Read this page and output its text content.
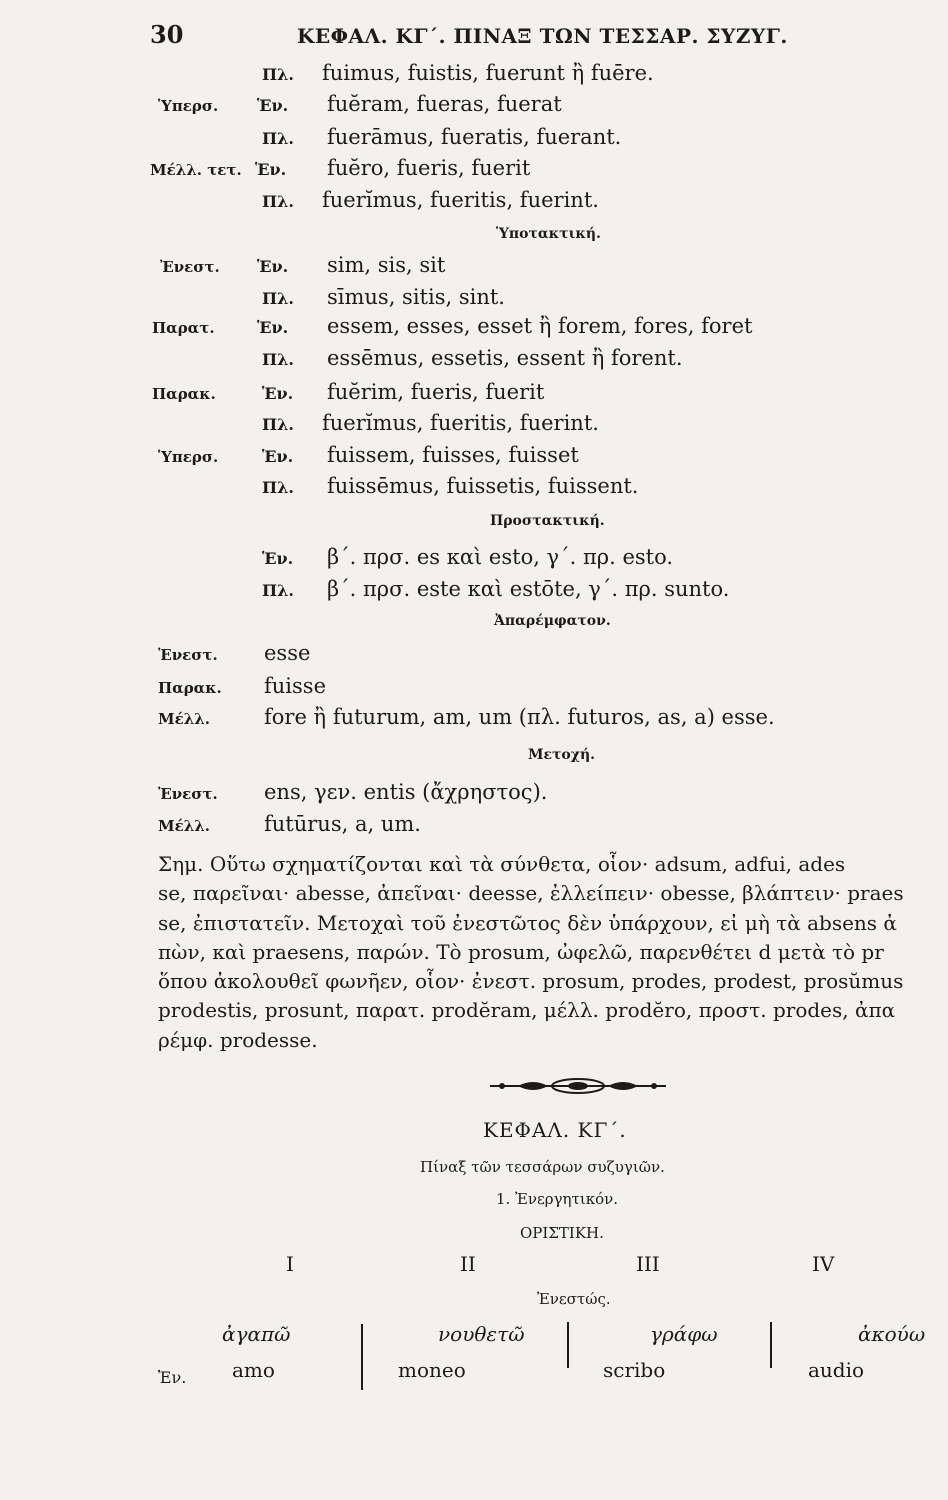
30	ΚΕΦΑΛ. ΚΓ΄. ΠΙΝΑΞ ΤΩΝ ΤΕΣΣΑΡ. ΣΥΖΥΓ.
Πλ. fuimus, fuistis, fuerunt ἢ fuēre.
Ὑπερσ. Ἑν. fuĕram, fueras, fuerat
Πλ. fuerāmus, fueratis, fuerant.
Μέλλ. τετ. Ἑν. fuĕro, fueris, fuerit
Πλ. fuerĭmus, fueritis, fuerint.
Ὑποτακτική.
Ἐνεστ. Ἑν. sim, sis, sit
Πλ. sīmus, sitis, sint.
Παρατ.	Ἑν. essem, esses, esset ἢ forem, fores, foret
Πλ. essēmus, essetis, essent ἢ forent.
Παρακ.	Ἑν. fuĕrim, fueris, fuerit
Πλ. fuerĭmus, fueritis, fuerint.
Ὑπερσ.	Ἑν. fuissem, fuisses, fuisset
Πλ. fuissēmus, fuissetis, fuissent.
Προστακτική.
Ἑν. β΄. πρσ. es καὶ esto, γ΄. πρ. esto.
Πλ. β΄. πρσ. este καὶ estōte, γ΄. πρ. sunto.
Ἀπαρέμφατον.
Ἐνεστ. esse
Παρακ. fuisse
Μέλλ.	fore ἢ futurum, am, um (πλ. futuros, as, a) esse.
Μετοχή.
Ἐνεστ. ens, γεν. entis (ἄχρηστος).
Μέλλ.	futūrus, a, um.
Σημ. Οὕτω σχηματίζονται καὶ τὰ σύνθετα, οἷον· adsum, adfui, ades
se, παρεῖναι· abesse, ἀπεῖναι· deesse, ἐλλείπειν· obesse, βλάπτειν· praes
se, ἐπιστατεῖν. Μετοχαὶ τοῦ ἐνεστῶτος δὲν ὑπάρχουν, εἰ μὴ τὰ absens ἀ
πὼν, καὶ praesens, παρών. Τὸ prosum, ὠφελῶ, παρενθέτει d μετὰ τὸ pr
ὅπου ἀκολουθεῖ φωνῆεν, οἷον· ἐνεστ. prosum, prodes, prodest, prosŭmus
prodestis, prosunt, παρατ. prodĕram, μέλλ. prodĕro, προστ. prodes, ἀπα
ρέμφ. prodesse.
ΚΕΦΑΛ. ΚΓ΄.
Πίναξ τῶν τεσσάρων συζυγιῶν.
1. Ἐνεργητικόν.
ΟΡΙΣΤΙΚΗ.
I	II	III	IV
Ἐνεστώς.
ἀγαπῶ	νουθετῶ	γράφω	ἀκούω
Ἑν. amo	moneo	scribo	audio
